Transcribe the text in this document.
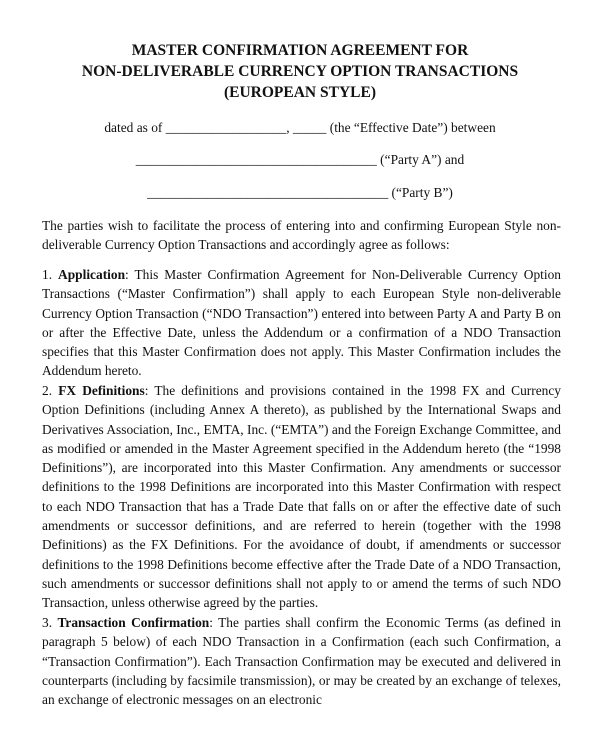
MASTER CONFIRMATION AGREEMENT FOR
NON-DELIVERABLE CURRENCY OPTION TRANSACTIONS
(EUROPEAN STYLE)
dated as of __________________, _____ (the “Effective Date”) between
____________________________________ (“Party A”) and
____________________________________ (“Party B”)

The parties wish to facilitate the process of entering into and confirming European Style non-deliverable Currency Option Transactions and accordingly agree as follows:

1. Application: This Master Confirmation Agreement for Non-Deliverable Currency Option Transactions (“Master Confirmation”) shall apply to each European Style non-deliverable Currency Option Transaction (“NDO Transaction”) entered into between Party A and Party B on or after the Effective Date, unless the Addendum or a confirmation of a NDO Transaction specifies that this Master Confirmation does not apply. This Master Confirmation includes the Addendum hereto.

2. FX Definitions: The definitions and provisions contained in the 1998 FX and Currency Option Definitions (including Annex A thereto), as published by the International Swaps and Derivatives Association, Inc., EMTA, Inc. (“EMTA”) and the Foreign Exchange Committee, and as modified or amended in the Master Agreement specified in the Addendum hereto (the “1998 Definitions”), are incorporated into this Master Confirmation. Any amendments or successor definitions to the 1998 Definitions are incorporated into this Master Confirmation with respect to each NDO Transaction that has a Trade Date that falls on or after the effective date of such amendments or successor definitions, and are referred to herein (together with the 1998 Definitions) as the FX Definitions. For the avoidance of doubt, if amendments or successor definitions to the 1998 Definitions become effective after the Trade Date of a NDO Transaction, such amendments or successor definitions shall not apply to or amend the terms of such NDO Transaction, unless otherwise agreed by the parties.

3. Transaction Confirmation: The parties shall confirm the Economic Terms (as defined in paragraph 5 below) of each NDO Transaction in a Confirmation (each such Confirmation, a “Transaction Confirmation”). Each Transaction Confirmation may be executed and delivered in counterparts (including by facsimile transmission), or may be created by an exchange of telexes, an exchange of electronic messages on an electronic
